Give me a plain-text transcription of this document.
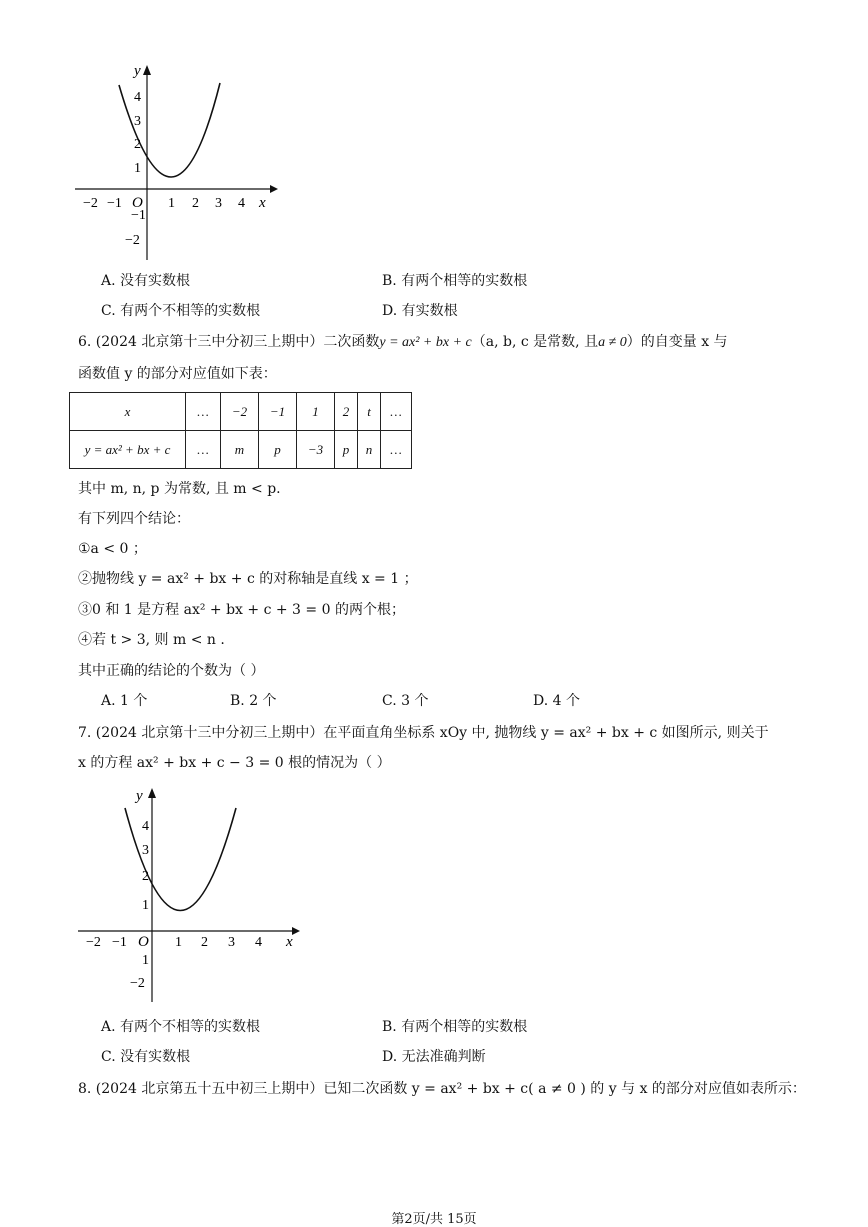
y
x
O
4
3
2
1
−1
−2
−2 −1	1 2 3 4
A. 没有实数根	B. 有两个相等的实数根
C. 有两个不相等的实数根	D. 有实数根
6. (2024 北京第十三中分初三上期中）二次函数y = ax² + bx + c（a, b, c 是常数, 且a ≠ 0）的自变量 x 与
函数值 y 的部分对应值如下表：
x	…	−2	−1	1	2	t	…
y = ax² + bx + c	…	m	p	−3	p	n	…
其中 m, n, p 为常数, 且 m < p.
有下列四个结论：
①a < 0 ；
②抛物线 y = ax² + bx + c 的对称轴是直线 x = 1 ；
③0 和 1 是方程 ax² + bx + c + 3 = 0 的两个根；
④若 t > 3, 则 m < n .
其中正确的结论的个数为（ ）
A. 1 个	B. 2 个	C. 3 个	D. 4 个
7. (2024 北京第十三中分初三上期中）在平面直角坐标系 xOy 中, 抛物线 y = ax² + bx + c 如图所示, 则关于
x 的方程 ax² + bx + c − 3 = 0 根的情况为（ ）
y
x
O
4
3
2
1
1
−2
−2 −1	1 2 3 4
A. 有两个不相等的实数根	B. 有两个相等的实数根
C. 没有实数根	D. 无法准确判断
8. (2024 北京第五十五中初三上期中）已知二次函数 y = ax² + bx + c( a ≠ 0 ) 的 y 与 x 的部分对应值如表所示：
第2页/共 15页
